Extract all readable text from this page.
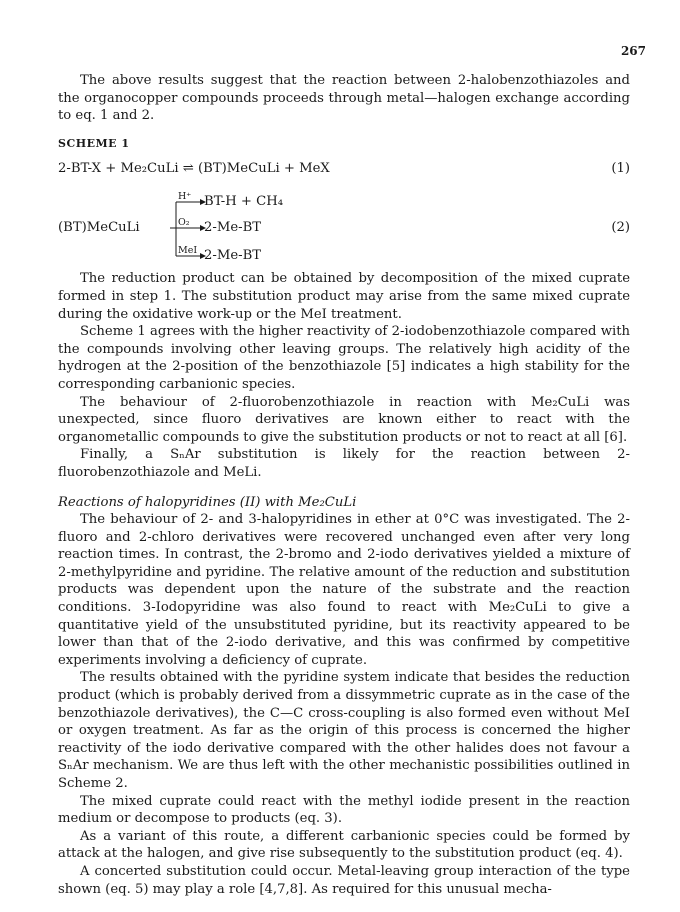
267

The above results suggest that the reaction between 2-halobenzothiazoles and the organocopper compounds proceeds through metal—halogen exchange according to eq. 1 and 2.

SCHEME 1
2-BT-X + Me₂CuLi ⇌ (BT)MeCuLi + MeX	(1)
(BT)MeCuLi
H⁺ BT-H + CH₄
O₂ 2-Me-BT
MeI 2-Me-BT
(2)

The reduction product can be obtained by decomposition of the mixed cuprate formed in step 1. The substitution product may arise from the same mixed cuprate during the oxidative work-up or the MeI treatment.

Scheme 1 agrees with the higher reactivity of 2-iodobenzothiazole compared with the compounds involving other leaving groups. The relatively high acidity of the hydrogen at the 2-position of the benzothiazole [5] indicates a high stability for the corresponding carbanionic species.

The behaviour of 2-fluorobenzothiazole in reaction with Me₂CuLi was unexpected, since fluoro derivatives are known either to react with the organometallic compounds to give the substitution products or not to react at all [6].

Finally, a SₙAr substitution is likely for the reaction between 2-fluorobenzothiazole and MeLi.

Reactions of halopyridines (II) with Me₂CuLi

The behaviour of 2- and 3-halopyridines in ether at 0°C was investigated. The 2-fluoro and 2-chloro derivatives were recovered unchanged even after very long reaction times. In contrast, the 2-bromo and 2-iodo derivatives yielded a mixture of 2-methylpyridine and pyridine. The relative amount of the reduction and substitution products was dependent upon the nature of the substrate and the reaction conditions. 3-Iodopyridine was also found to react with Me₂CuLi to give a quantitative yield of the unsubstituted pyridine, but its reactivity appeared to be lower than that of the 2-iodo derivative, and this was confirmed by competitive experiments involving a deficiency of cuprate.

The results obtained with the pyridine system indicate that besides the reduction product (which is probably derived from a dissymmetric cuprate as in the case of the benzothiazole derivatives), the C—C cross-coupling is also formed even without MeI or oxygen treatment. As far as the origin of this process is concerned the higher reactivity of the iodo derivative compared with the other halides does not favour a SₙAr mechanism. We are thus left with the other mechanistic possibilities outlined in Scheme 2.

The mixed cuprate could react with the methyl iodide present in the reaction medium or decompose to products (eq. 3).

As a variant of this route, a different carbanionic species could be formed by attack at the halogen, and give rise subsequently to the substitution product (eq. 4).

A concerted substitution could occur. Metal-leaving group interaction of the type shown (eq. 5) may play a role [4,7,8]. As required for this unusual mecha-
